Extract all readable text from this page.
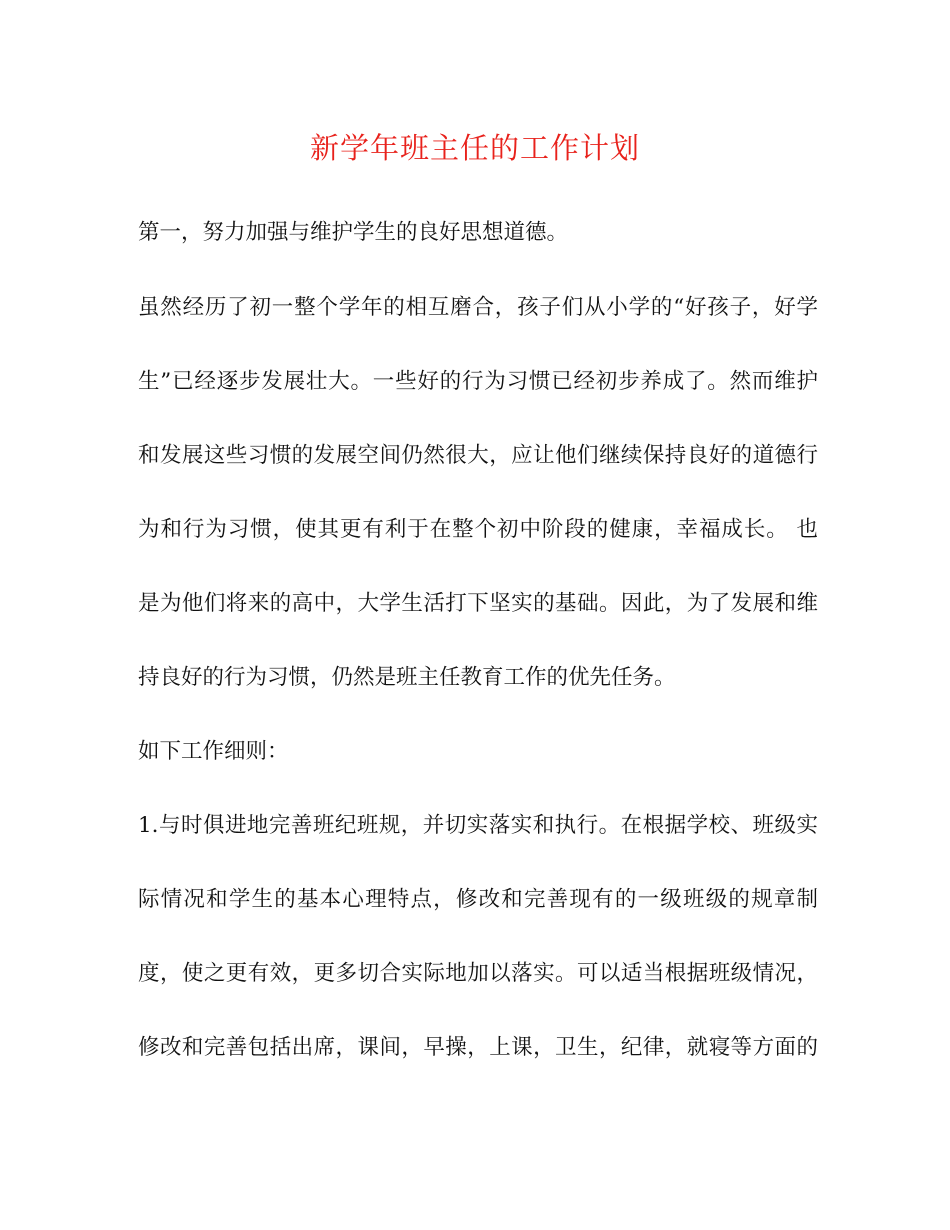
新学年班主任的工作计划
第一，努力加强与维护学生的良好思想道德。
虽然经历了初一整个学年的相互磨合，孩子们从小学的“好孩子，好学
生”已经逐步发展壮大。一些好的行为习惯已经初步养成了。然而维护
和发展这些习惯的发展空间仍然很大，应让他们继续保持良好的道德行
为和行为习惯，使其更有利于在整个初中阶段的健康，幸福成长。 也
是为他们将来的高中，大学生活打下坚实的基础。因此，为了发展和维
持良好的行为习惯，仍然是班主任教育工作的优先任务。
如下工作细则：
1.与时俱进地完善班纪班规，并切实落实和执行。在根据学校、班级实
际情况和学生的基本心理特点，修改和完善现有的一级班级的规章制
度，使之更有效，更多切合实际地加以落实。可以适当根据班级情况，
修改和完善包括出席，课间，早操，上课，卫生，纪律，就寝等方面的
